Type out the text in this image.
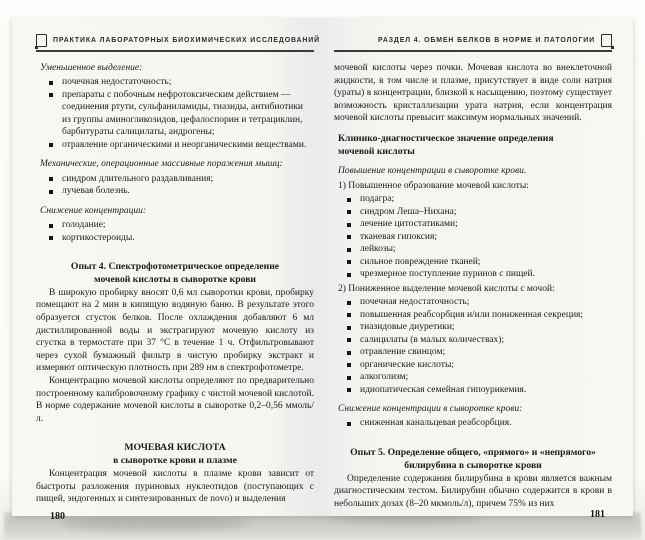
ПРАКТИКА ЛАБОРАТОРНЫХ БИОХИМИЧЕСКИХ ИССЛЕДОВАНИЙ
Уменьшенное выделение:
почечная недостаточность;
препараты с побочным нефротоксическим действием — соединения ртути, сульфаниламиды, тиазиды, антибиотики из группы аминогликозидов, цефалоспорин и тетрациклин, барбитураты салицилаты, андрогены;
отравление органическими и неорганическими веществами.
Механические, операционные массивные поражения мышц:
синдром длительного раздавливания;
лучевая болезнь.
Снижение концентрации:
голодание;
кортикостероиды.
Опыт 4. Спектрофотометрическое определение
мочевой кислоты в сыворотке крови

В широкую пробирку вносят 0,6 мл сыворотки крови, пробирку помещают на 2 мин в кипящую водяную баню. В результате этого образуется сгусток белков. После охлаждения добавляют 6 мл дистиллированной воды и экстрагируют мочевую кислоту из сгустка в термостате при 37 °С в течение 1 ч. Отфильтровывают через сухой бумажный фильтр в чистую пробирку экстракт и измеряют оптическую плотность при 289 нм в спектрофотометре.

Концентрацию мочевой кислоты определяют по предварительно построенному калибровочному графику с чистой мочевой кислотой. В норме содержание мочевой кислоты в сыворотке 0,2–0,56 ммоль/л.

МОЧЕВАЯ КИСЛОТА
в сыворотке крови и плазме

Концентрация мочевой кислоты в плазме крови зависит от быстроты разложения пуриновых нуклеотидов (поступающих с пищей, эндогенных и синтезированных de novo) и выделения

РАЗДЕЛ 4. ОБМЕН БЕЛКОВ В НОРМЕ И ПАТОЛОГИИ

мочевой кислоты через почки. Мочевая кислота во внеклеточной жидкости, в том числе и плазме, присутствует в виде соли натрия (ураты) в концентрации, близкой к насыщению, поэтому существует возможность кристаллизации урата натрия, если концентрация мочевой кислоты превысит максимум нормальных значений.

Клинико-диагностическое значение определения
мочевой кислоты
Повышение концентрации в сыворотке крови.
1) Повышенное образование мочевой кислоты:
подагра;
синдром Леша–Нихана;
лечение цитостатиками;
тканевая гипоксия;
лейкозы;
сильное повреждение тканей;
чрезмерное поступление пуринов с пищей.
2) Пониженное выделение мочевой кислоты с мочой:
почечная недостаточность;
повышенная реабсорбция и/или пониженная секреция;
тиазидовые диуретики;
салицилаты (в малых количествах);
отравление свинцом;
органические кислоты;
алкоголизм;
идиопатическая семейная гипоурикемия.
Снижение концентрации в сыворотке крови:
сниженная канальцевая реабсорбция.
Опыт 5. Определение общего, «прямого» и «непрямого»
билирубина в сыворотке крови

Определение содержания билирубина в крови является важным диагностическим тестом. Билирубин обычно содержится в крови в небольших дозах (8–20 мкмоль/л), причем 75% из них

180	181
